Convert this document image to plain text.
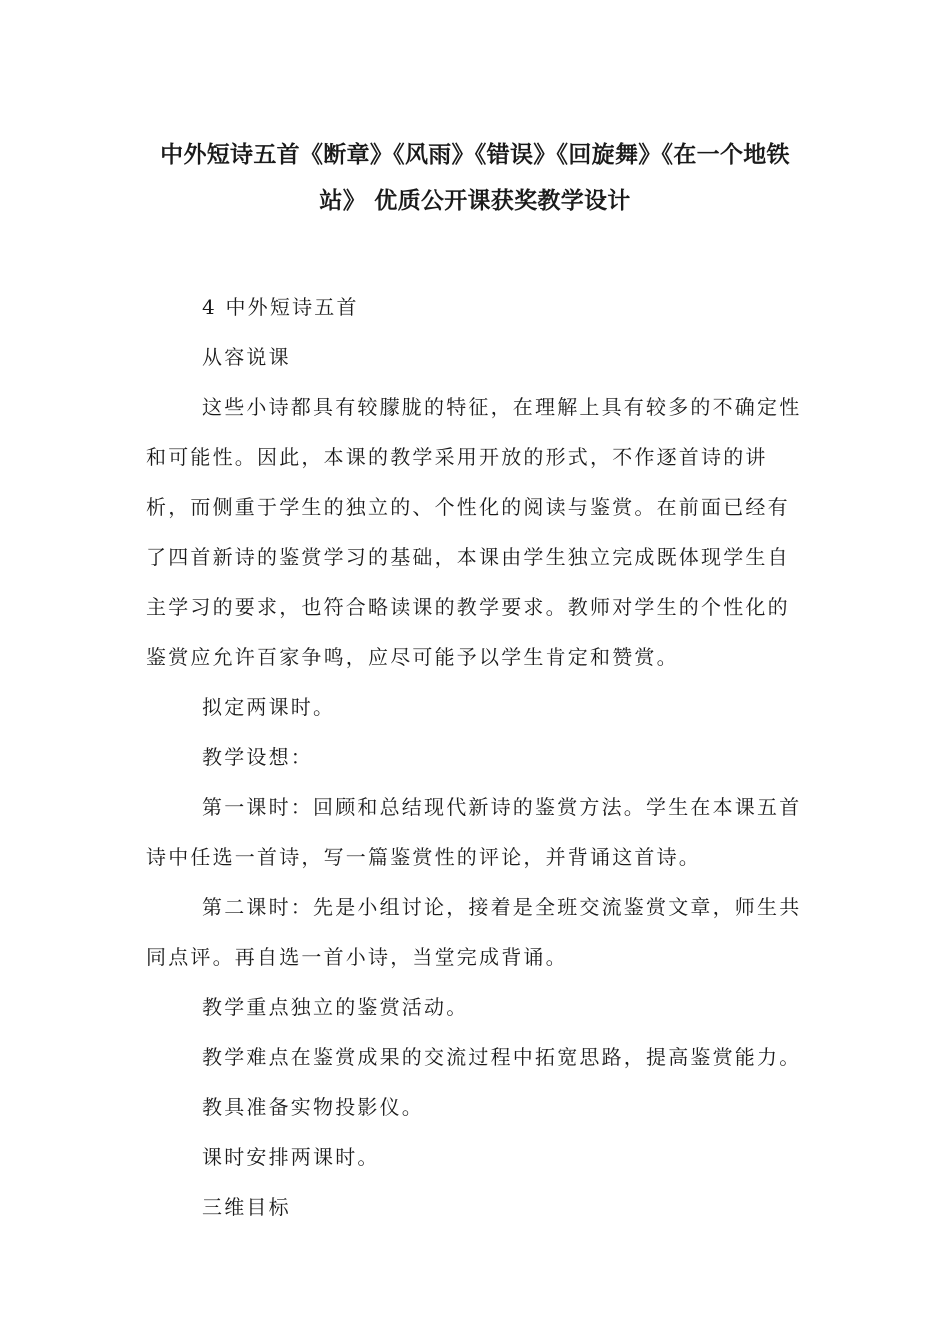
中外短诗五首《断章》《风雨》《错误》《回旋舞》《在一个地铁
站》 优质公开课获奖教学设计

4 中外短诗五首

从容说课

这些小诗都具有较朦胧的特征，在理解上具有较多的不确定性
和可能性。因此，本课的教学采用开放的形式，不作逐首诗的讲
析，而侧重于学生的独立的、个性化的阅读与鉴赏。在前面已经有
了四首新诗的鉴赏学习的基础，本课由学生独立完成既体现学生自
主学习的要求，也符合略读课的教学要求。教师对学生的个性化的
鉴赏应允许百家争鸣，应尽可能予以学生肯定和赞赏。

拟定两课时。

教学设想：

第一课时：回顾和总结现代新诗的鉴赏方法。学生在本课五首
诗中任选一首诗，写一篇鉴赏性的评论，并背诵这首诗。

第二课时：先是小组讨论，接着是全班交流鉴赏文章，师生共
同点评。再自选一首小诗，当堂完成背诵。

教学重点独立的鉴赏活动。

教学难点在鉴赏成果的交流过程中拓宽思路，提高鉴赏能力。

教具准备实物投影仪。

课时安排两课时。

三维目标
